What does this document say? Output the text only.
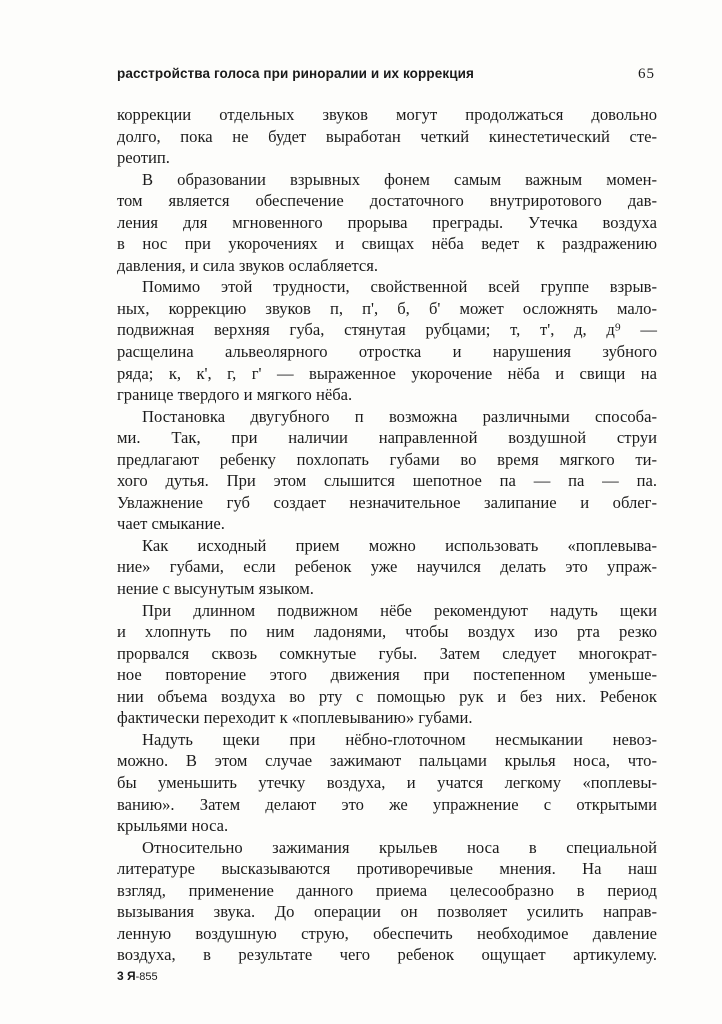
расстройства голоса при риноралии и их коррекция	65
коррекции отдельных звуков могут продолжаться довольно
долго, пока не будет выработан четкий кинестетический сте-
реотип.
В образовании взрывных фонем самым важным момен-
том является обеспечение достаточного внутриротового дав-
ления для мгновенного прорыва преграды. Утечка воздуха
в нос при укорочениях и свищах нёба ведет к раздражению
давления, и сила звуков ослабляется.
Помимо этой трудности, свойственной всей группе взрыв-
ных, коррекцию звуков п, п', б, б' может осложнять мало-
подвижная верхняя губа, стянутая рубцами; т, т', д, д⁹ —
расщелина альвеолярного отростка и нарушения зубного
ряда; к, к', г, г' — выраженное укорочение нёба и свищи на
границе твердого и мягкого нёба.
Постановка двугубного п возможна различными способа-
ми. Так, при наличии направленной воздушной струи
предлагают ребенку похлопать губами во время мягкого ти-
хого дутья. При этом слышится шепотное па — па — па.
Увлажнение губ создает незначительное залипание и облег-
чает смыкание.
Как исходный прием можно использовать «поплевыва-
ние» губами, если ребенок уже научился делать это упраж-
нение с высунутым языком.
При длинном подвижном нёбе рекомендуют надуть щеки
и хлопнуть по ним ладонями, чтобы воздух изо рта резко
прорвался сквозь сомкнутые губы. Затем следует многократ-
ное повторение этого движения при постепенном уменьше-
нии объема воздуха во рту с помощью рук и без них. Ребенок
фактически переходит к «поплевыванию» губами.
Надуть щеки при нёбно-глоточном несмыкании невоз-
можно. В этом случае зажимают пальцами крылья носа, что-
бы уменьшить утечку воздуха, и учатся легкому «поплевы-
ванию». Затем делают это же упражнение с открытыми
крыльями носа.
Относительно зажимания крыльев носа в специальной
литературе высказываются противоречивые мнения. На наш
взгляд, применение данного приема целесообразно в период
вызывания звука. До операции он позволяет усилить направ-
ленную воздушную струю, обеспечить необходимое давление
воздуха, в результате чего ребенок ощущает артикулему.
3 Я-855
